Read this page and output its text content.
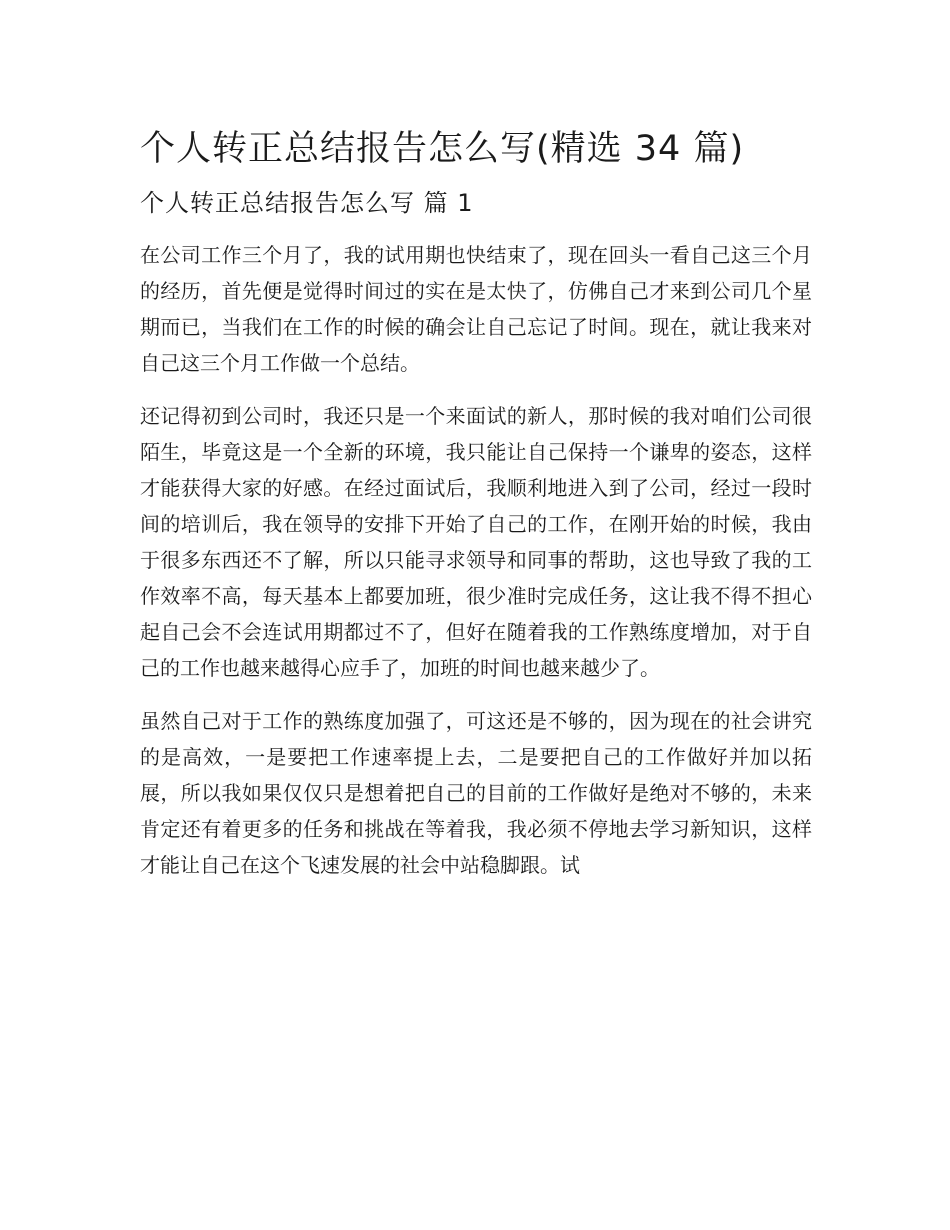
个人转正总结报告怎么写(精选 34 篇)
个人转正总结报告怎么写 篇 1

在公司工作三个月了，我的试用期也快结束了，现在回头一看自己这三个月的经历，首先便是觉得时间过的实在是太快了，仿佛自己才来到公司几个星期而已，当我们在工作的时候的确会让自己忘记了时间。现在，就让我来对自己这三个月工作做一个总结。

还记得初到公司时，我还只是一个来面试的新人，那时候的我对咱们公司很陌生，毕竟这是一个全新的环境，我只能让自己保持一个谦卑的姿态，这样才能获得大家的好感。在经过面试后，我顺利地进入到了公司，经过一段时间的培训后，我在领导的安排下开始了自己的工作，在刚开始的时候，我由于很多东西还不了解，所以只能寻求领导和同事的帮助，这也导致了我的工作效率不高，每天基本上都要加班，很少准时完成任务，这让我不得不担心起自己会不会连试用期都过不了，但好在随着我的工作熟练度增加，对于自己的工作也越来越得心应手了，加班的时间也越来越少了。

虽然自己对于工作的熟练度加强了，可这还是不够的，因为现在的社会讲究的是高效，一是要把工作速率提上去，二是要把自己的工作做好并加以拓展，所以我如果仅仅只是想着把自己的目前的工作做好是绝对不够的，未来肯定还有着更多的任务和挑战在等着我，我必须不停地去学习新知识，这样才能让自己在这个飞速发展的社会中站稳脚跟。试
